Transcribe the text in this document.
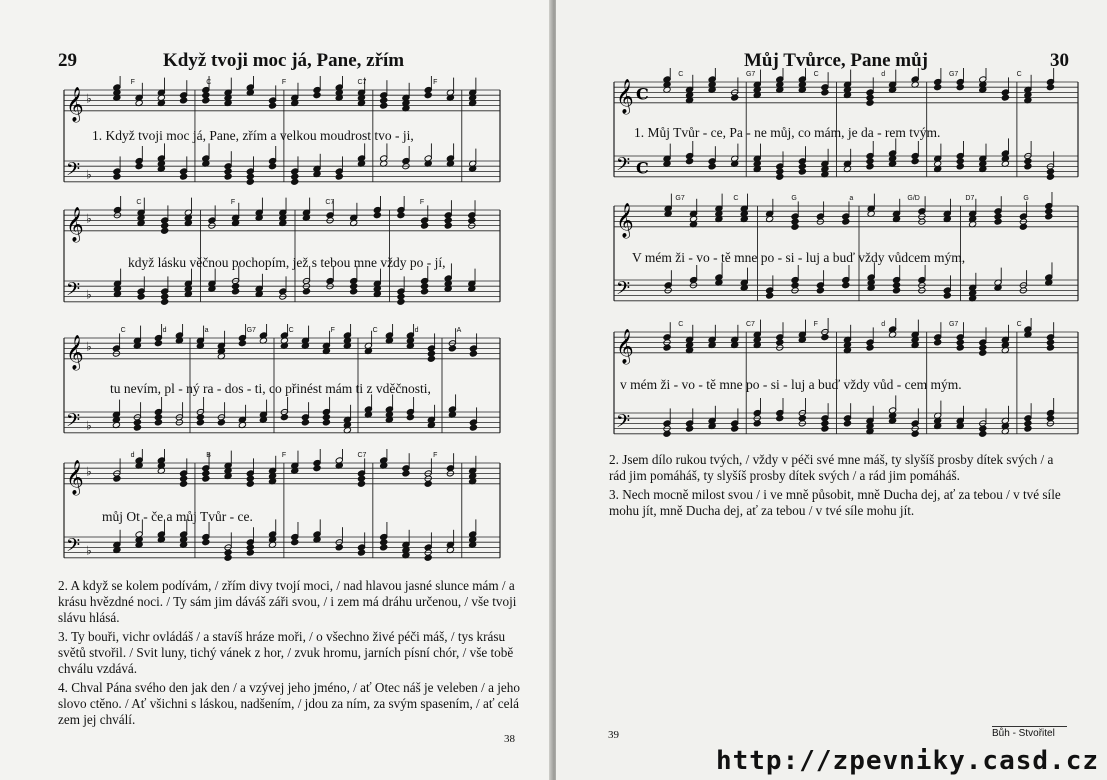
29	Když tvoji moc já, Pane, zřím
𝄞
𝄢
♭
♭
F	C	F	C7	F
1. Když tvoji moc já, Pane, zřím a velkou moudrost tvo - ji,
𝄞
𝄢
♭
♭
C	F	C7	F
když lásku věčnou pochopím, jež s tebou mne vždy po - jí,
𝄞
𝄢
♭
♭
C	d	a	G7	C	F	C	d	A
tu nevím, pl - ný ra - dos - ti, co přinést mám ti z vděčnosti,
𝄞
𝄢
♭
♭
d	B	F	C7	F
můj Ot - če a můj Tvůr - ce.

2. A když se kolem podívám, / zřím divy tvojí moci, / nad hlavou jasné slunce mám / a krásu hvězdné noci. / Ty sám jim dáváš záři svou, / i zem má dráhu určenou, / vše tvoji slávu hlásá.

3. Ty bouři, vichr ovládáš / a stavíš hráze moři, / o všechno živé péči máš, / tys krásu světů stvořil. / Svit luny, tichý vánek z hor, / zvuk hromu, jarních písní chór, / vše tobě chválu vzdává.

4. Chval Pána svého den jak den / a vzývej jeho jméno, / ať Otec náš je veleben / a jeho slovo ctěno. / Ať všichni s láskou, nadšením, / jdou za ním, za svým spasením, / ať celá zem jej chválí.

38
Můj Tvůrce, Pane můj	30
𝄞
𝄢
C
C
C	G7	C	d	G7	C
1. Můj Tvůr - ce, Pa - ne můj, co mám, je da - rem tvým.
𝄞
𝄢
G7	C	G	a	G/D	D7	G
V mém ži - vo - tě mne po - si - luj a buď vždy vůdcem mým,
𝄞
𝄢
C	C7	F	d	G7	C
v mém ži - vo - tě mne po - si - luj a buď vždy vůd - cem mým.

2. Jsem dílo rukou tvých, / vždy v péči své mne máš, ty slyšíš prosby dítek svých / a rád jim pomáháš, ty slyšíš prosby dítek svých / a rád jim pomáháš.

3. Nech mocně milost svou / i ve mně působit, mně Ducha dej, ať za tebou / v tvé síle mohu jít, mně Ducha dej, ať za tebou / v tvé síle mohu jít.

39	Bůh - Stvořitel
http://zpevniky.casd.cz
